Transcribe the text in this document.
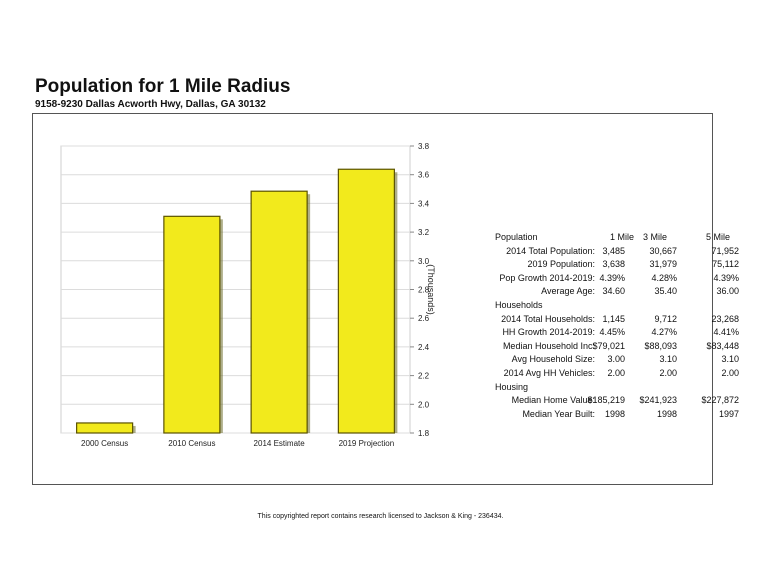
Population for 1 Mile Radius
9158-9230 Dallas Acworth Hwy, Dallas, GA 30132
1.8
2.0
2.2
2.4
2.6
2.8
3.0
3.2
3.4
3.6
3.8
(Thousands)
2000 Census	2010 Census	2014 Estimate	2019 Projection
Population	1 Mile 3 Mile	5 Mile
2014 Total Population: 3,485	30,667	71,952
2019 Population: 3,638	31,979	75,112
Pop Growth 2014-2019: 4.39%	4.28%	4.39%
Average Age: 34.60	35.40	36.00
Households
2014 Total Households: 1,145	9,712	23,268
HH Growth 2014-2019: 4.45%	4.27%	4.41%
Median Household Inc:
$79,021 $88,093	$83,448
Avg Household Size: 3.00	3.10	3.10
2014 Avg HH Vehicles: 2.00	2.00	2.00
Housing
Median Home Value:
$185,219 $241,923	$227,872
Median Year Built: 1998	1998	1997
This copyrighted report contains research licensed to Jackson & King - 236434.
